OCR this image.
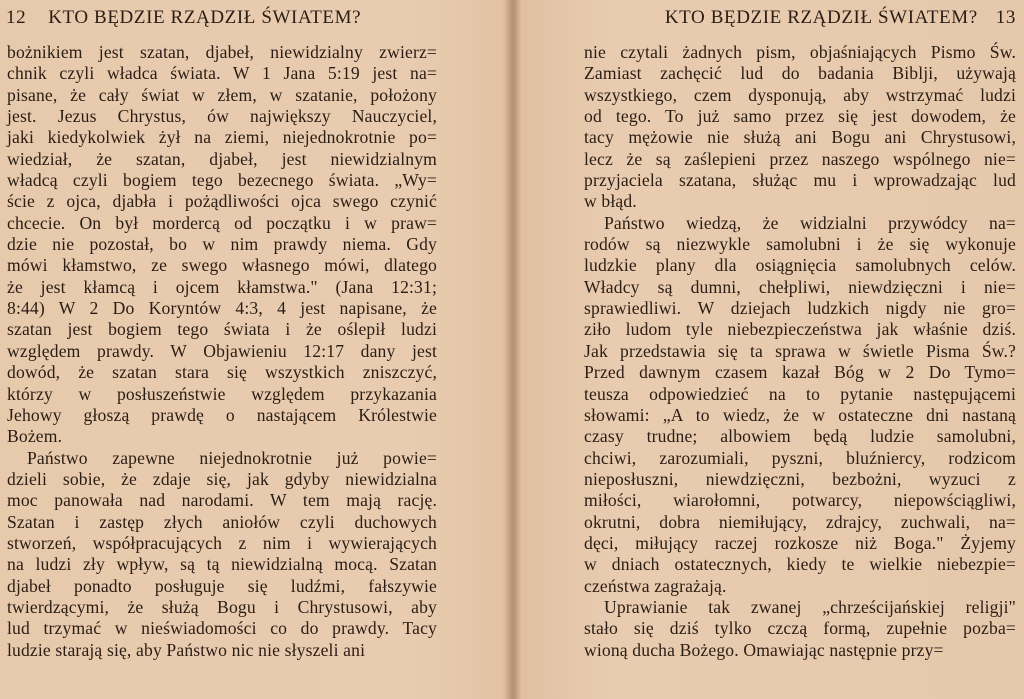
12 KTO BĘDZIE RZĄDZIŁ ŚWIATEM?
bożnikiem jest szatan, djabeł, niewidzialny zwierz=
chnik czyli władca świata. W 1 Jana 5:19 jest na=
pisane, że cały świat w złem, w szatanie, położony
jest. Jezus Chrystus, ów największy Nauczyciel,
jaki kiedykolwiek żył na ziemi, niejednokrotnie po=
wiedział, że szatan, djabeł, jest niewidzialnym
władcą czyli bogiem tego bezecnego świata. „Wy=
ście z ojca, djabła i pożądliwości ojca swego czynić
chcecie. On był mordercą od początku i w praw=
dzie nie pozostał, bo w nim prawdy niema. Gdy
mówi kłamstwo, ze swego własnego mówi, dlatego
że jest kłamcą i ojcem kłamstwa." (Jana 12:31;
8:44) W 2 Do Koryntów 4:3, 4 jest napisane, że
szatan jest bogiem tego świata i że oślepił ludzi
względem prawdy. W Objawieniu 12:17 dany jest
dowód, że szatan stara się wszystkich zniszczyć,
którzy w posłuszeństwie względem przykazania
Jehowy głoszą prawdę o nastającem Królestwie
Bożem.
Państwo zapewne niejednokrotnie już powie=
dzieli sobie, że zdaje się, jak gdyby niewidzialna
moc panowała nad narodami. W tem mają rację.
Szatan i zastęp złych aniołów czyli duchowych
stworzeń, współpracujących z nim i wywierających
na ludzi zły wpływ, są tą niewidzialną mocą. Szatan
djabeł ponadto posługuje się ludźmi, fałszywie
twierdzącymi, że służą Bogu i Chrystusowi, aby
lud trzymać w nieświadomości co do prawdy. Tacy
ludzie starają się, aby Państwo nic nie słyszeli ani
KTO BĘDZIE RZĄDZIŁ ŚWIATEM? 13
nie czytali żadnych pism, objaśniających Pismo Św.
Zamiast zachęcić lud do badania Biblji, używają
wszystkiego, czem dysponują, aby wstrzymać ludzi
od tego. To już samo przez się jest dowodem, że
tacy mężowie nie służą ani Bogu ani Chrystusowi,
lecz że są zaślepieni przez naszego wspólnego nie=
przyjaciela szatana, służąc mu i wprowadzając lud
w błąd.
Państwo wiedzą, że widzialni przywódcy na=
rodów są niezwykle samolubni i że się wykonuje
ludzkie plany dla osiągnięcia samolubnych celów.
Władcy są dumni, chełpliwi, niewdzięczni i nie=
sprawiedliwi. W dziejach ludzkich nigdy nie gro=
ziło ludom tyle niebezpieczeństwa jak właśnie dziś.
Jak przedstawia się ta sprawa w świetle Pisma Św.?
Przed dawnym czasem kazał Bóg w 2 Do Tymo=
teusza odpowiedzieć na to pytanie następującemi
słowami: „A to wiedz, że w ostateczne dni nastaną
czasy trudne; albowiem będą ludzie samolubni,
chciwi, zarozumiali, pyszni, bluźniercy, rodzicom
nieposłuszni, niewdzięczni, bezbożni, wyzuci z
miłości, wiarołomni, potwarcy, niepowściągliwi,
okrutni, dobra niemiłujący, zdrajcy, zuchwali, na=
dęci, miłujący raczej rozkosze niż Boga." Żyjemy
w dniach ostatecznych, kiedy te wielkie niebezpie=
czeństwa zagrażają.
Uprawianie tak zwanej „chrześcijańskiej religji"
stało się dziś tylko czczą formą, zupełnie pozba=
wioną ducha Bożego. Omawiając następnie przy=
